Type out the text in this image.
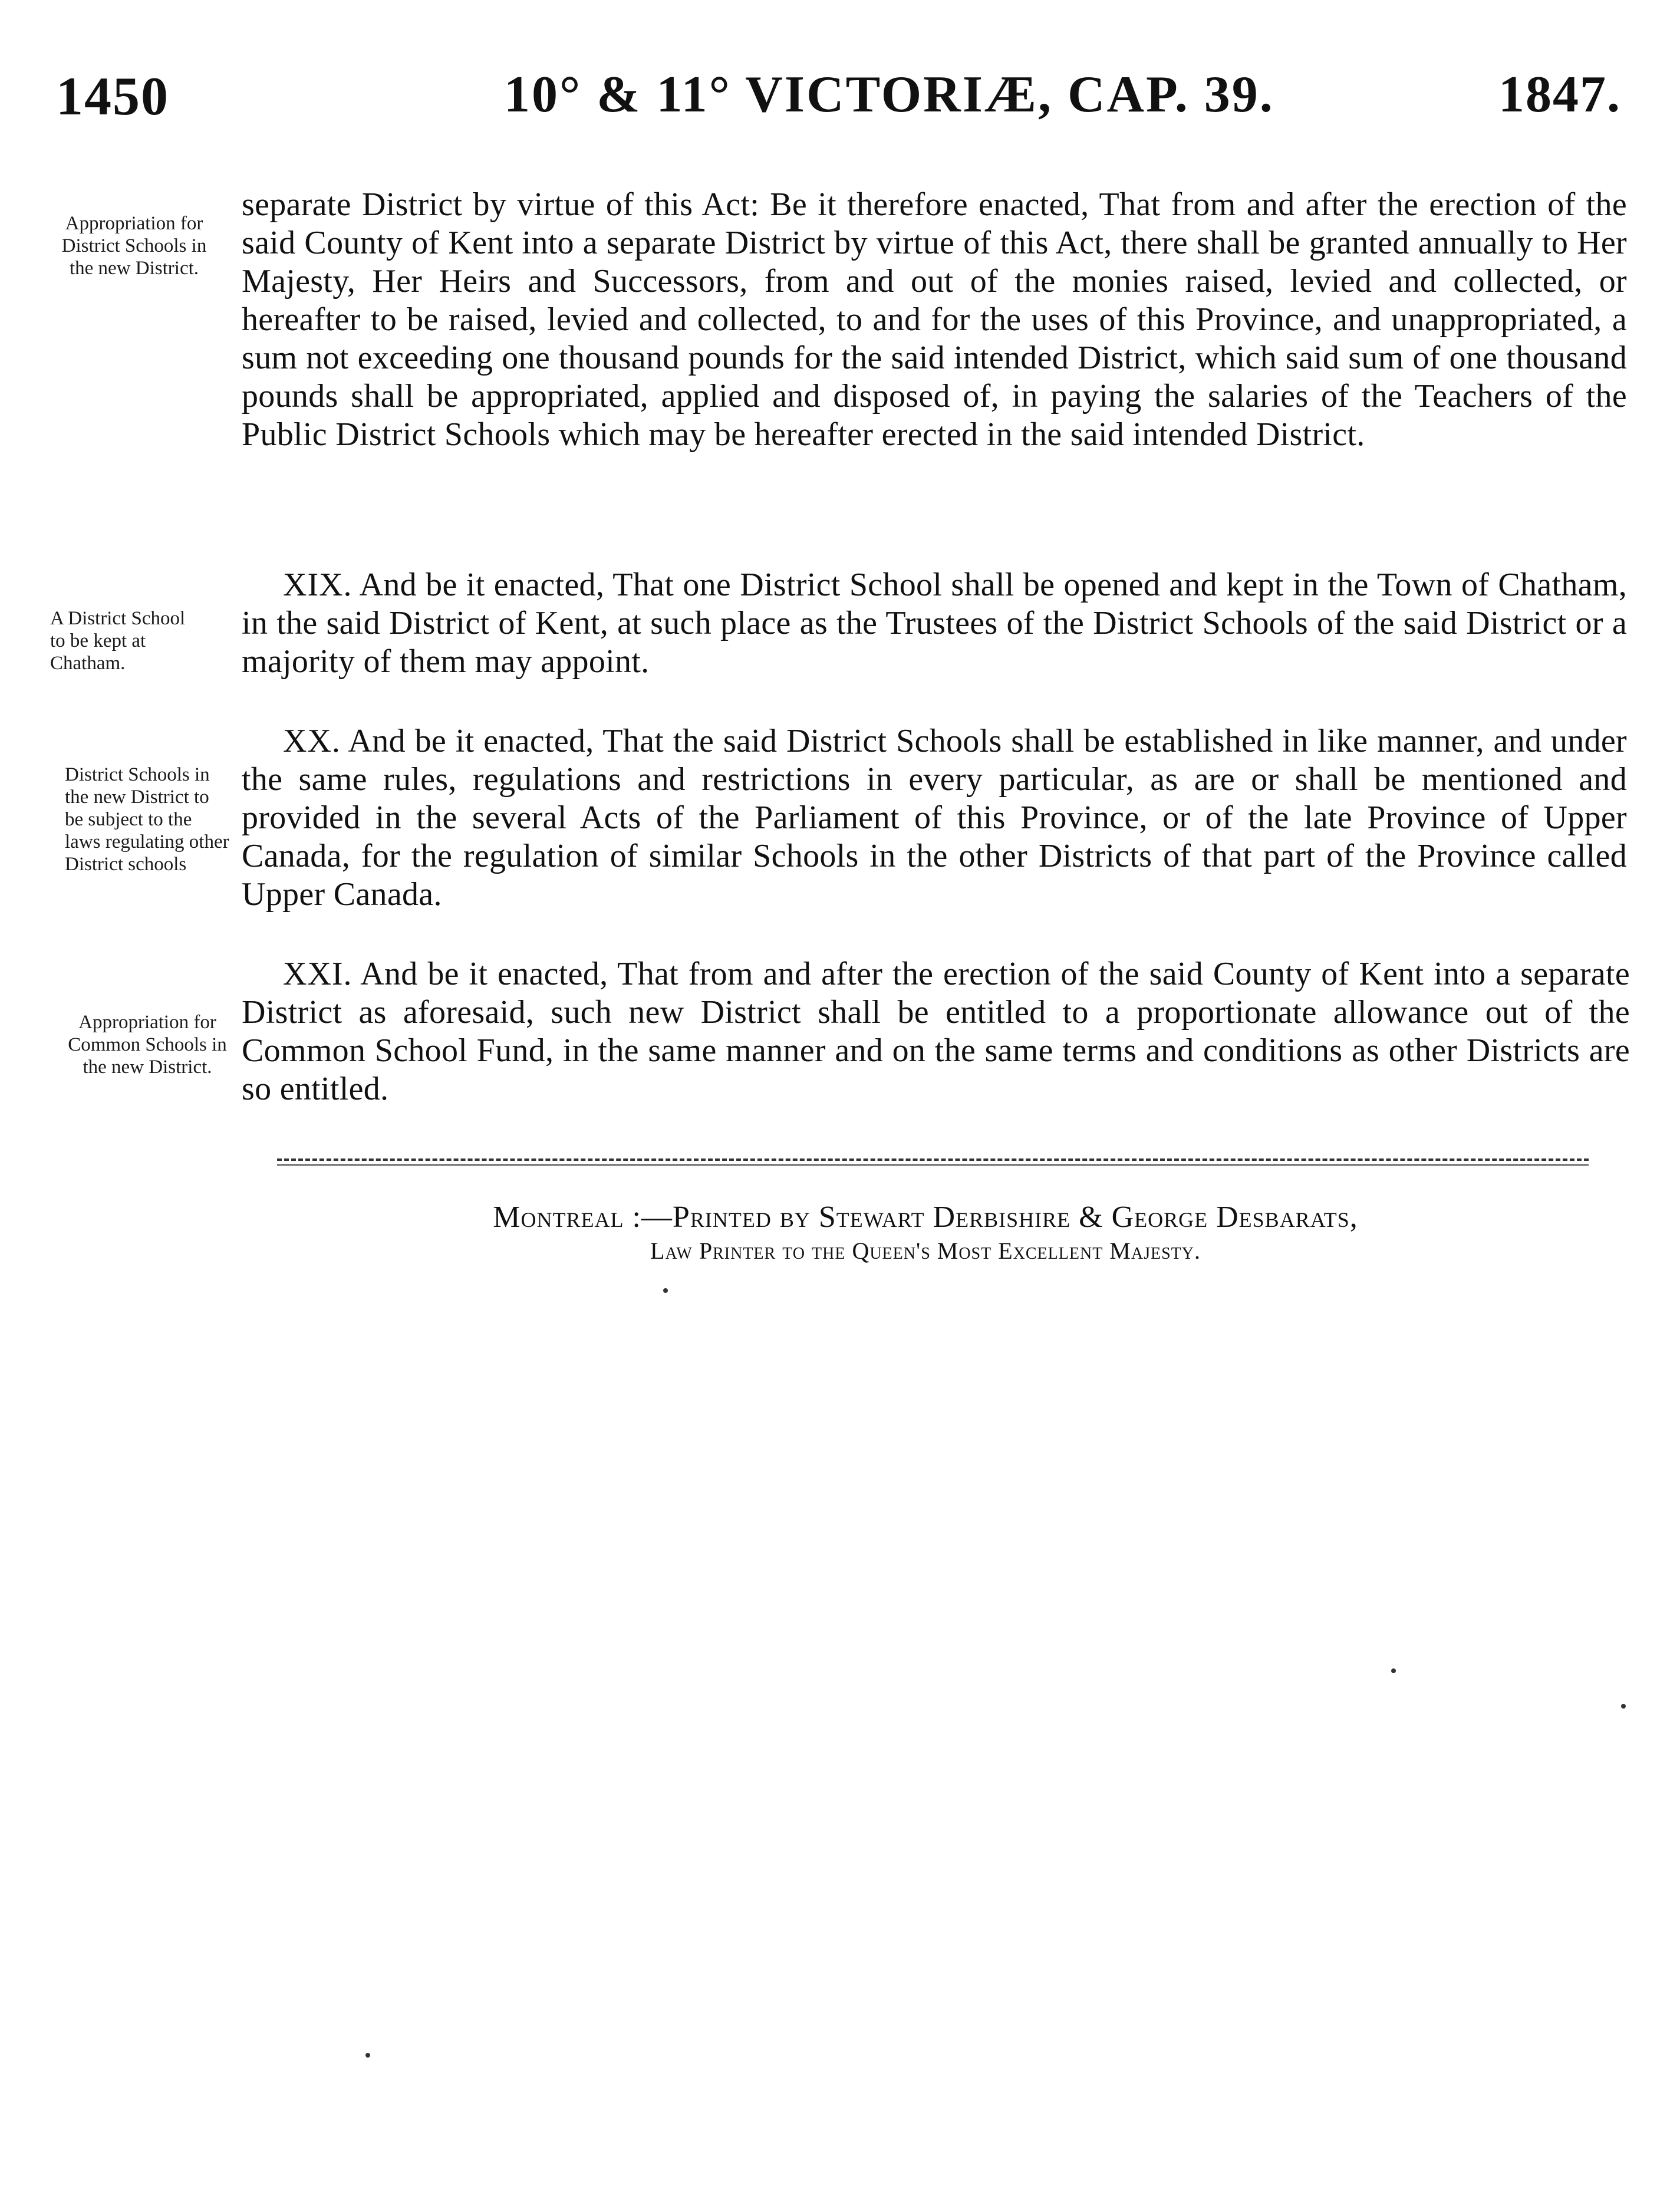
1450	10° & 11° VICTORIÆ, CAP. 39.	1847.
Appropriation for District Schools in the new District.
separate District by virtue of this Act: Be it therefore enacted, That from and after the erection of the said County of Kent into a separate District by virtue of this Act, there shall be granted annually to Her Majesty, Her Heirs and Successors, from and out of the monies raised, levied and collected, or hereafter to be raised, levied and collected, to and for the uses of this Province, and unappropriated, a sum not exceeding one thousand pounds for the said intended District, which said sum of one thousand pounds shall be appropriated, applied and disposed of, in paying the salaries of the Teachers of the Public District Schools which may be hereafter erected in the said intended District.
A District School to be kept at Chatham.
XIX. And be it enacted, That one District School shall be opened and kept in the Town of Chatham, in the said District of Kent, at such place as the Trustees of the District Schools of the said District or a majority of them may appoint.
District Schools in the new District to be subject to the laws regulating other District schools
XX. And be it enacted, That the said District Schools shall be established in like manner, and under the same rules, regulations and restrictions in every particular, as are or shall be mentioned and provided in the several Acts of the Parliament of this Province, or of the late Province of Upper Canada, for the regulation of similar Schools in the other Districts of that part of the Province called Upper Canada.
Appropriation for Common Schools in the new District.
XXI. And be it enacted, That from and after the erection of the said County of Kent into a separate District as aforesaid, such new District shall be entitled to a proportionate allowance out of the Common School Fund, in the same manner and on the same terms and conditions as other Districts are so entitled.
Montreal :—Printed by Stewart Derbishire & George Desbarats,
Law Printer to the Queen's Most Excellent Majesty.
